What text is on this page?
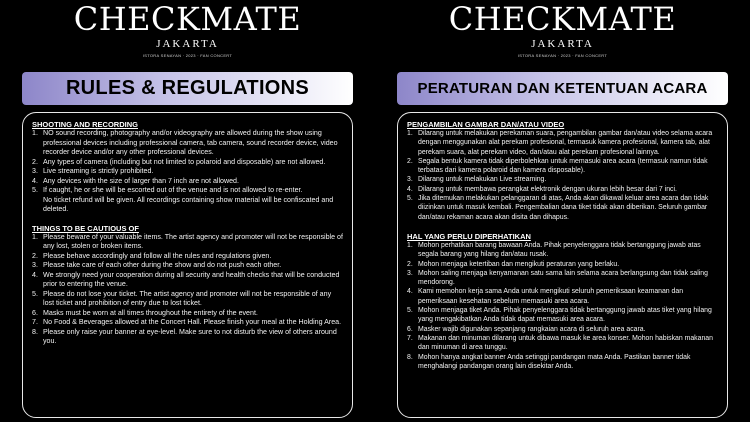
CHECKMATE
JAKARTA
ISTORA SENAYAN · 2023 · FAN CONCERT
RULES & REGULATIONS
SHOOTING AND RECORDING
1. NO sound recording, photography and/or videography are allowed during the show using professional devices including professional camera, tab camera, sound recorder device, video recorder device and/or any other professional devices.
2. Any types of camera (including but not limited to polaroid and disposable) are not allowed.
3. Live streaming is strictly prohibited.
4. Any devices with the size of larger than 7 inch are not allowed.
5. If caught, he or she will be escorted out of the venue and is not allowed to re-enter.
No ticket refund will be given. All recordings containing show material will be confiscated and deleted.
THINGS TO BE CAUTIOUS OF
1. Please beware of your valuable items. The artist agency and promoter will not be responsible of any lost, stolen or broken items.
2. Please behave accordingly and follow all the rules and regulations given.
3. Please take care of each other during the show and do not push each other.
4. We strongly need your cooperation during all security and health checks that will be conducted prior to entering the venue.
5. Please do not lose your ticket. The artist agency and promoter will not be responsible of any lost ticket and prohibition of entry due to lost ticket.
6. Masks must be worn at all times throughout the entirety of the event.
7. No Food & Beverages allowed at the Concert Hall. Please finish your meal at the Holding Area.
8. Please only raise your banner at eye-level. Make sure to not disturb the view of others around you.
CHECKMATE
JAKARTA
ISTORA SENAYAN · 2023 · FAN CONCERT
PERATURAN DAN KETENTUAN ACARA
PENGAMBILAN GAMBAR DAN/ATAU VIDEO
1. Dilarang untuk melakukan perekaman suara, pengambilan gambar dan/atau video selama acara dengan menggunakan alat perekam profesional, termasuk kamera profesional, kamera tab, alat perekam suara, alat perekam video, dan/atau alat perekam profesional lainnya.
2. Segala bentuk kamera tidak diperbolehkan untuk memasuki area acara (termasuk namun tidak terbatas dari kamera polaroid dan kamera disposable).
3. Dilarang untuk melakukan Live streaming.
4. Dilarang untuk membawa perangkat elektronik dengan ukuran lebih besar dari 7 inci.
5. Jika ditemukan melakukan pelanggaran di atas, Anda akan dikawal keluar area acara dan tidak diizinkan untuk masuk kembali. Pengembalian dana tiket tidak akan diberikan. Seluruh gambar dan/atau rekaman acara akan disita dan dihapus.
HAL YANG PERLU DIPERHATIKAN
1. Mohon perhatikan barang bawaan Anda. Pihak penyelenggara tidak bertanggung jawab atas segala barang yang hilang dan/atau rusak.
2. Mohon menjaga ketertiban dan mengikuti peraturan yang berlaku.
3. Mohon saling menjaga kenyamanan satu sama lain selama acara berlangsung dan tidak saling mendorong.
4. Kami memohon kerja sama Anda untuk mengikuti seluruh pemeriksaan keamanan dan pemeriksaan kesehatan sebelum memasuki area acara.
5. Mohon menjaga tiket Anda. Pihak penyelenggara tidak bertanggung jawab atas tiket yang hilang yang mengakibatkan Anda tidak dapat memasuki area acara.
6. Masker wajib digunakan sepanjang rangkaian acara di seluruh area acara.
7. Makanan dan minuman dilarang untuk dibawa masuk ke area konser. Mohon habiskan makanan dan minuman di area tunggu.
8. Mohon hanya angkat banner Anda setinggi pandangan mata Anda. Pastikan banner tidak menghalangi pandangan orang lain disekitar Anda.
